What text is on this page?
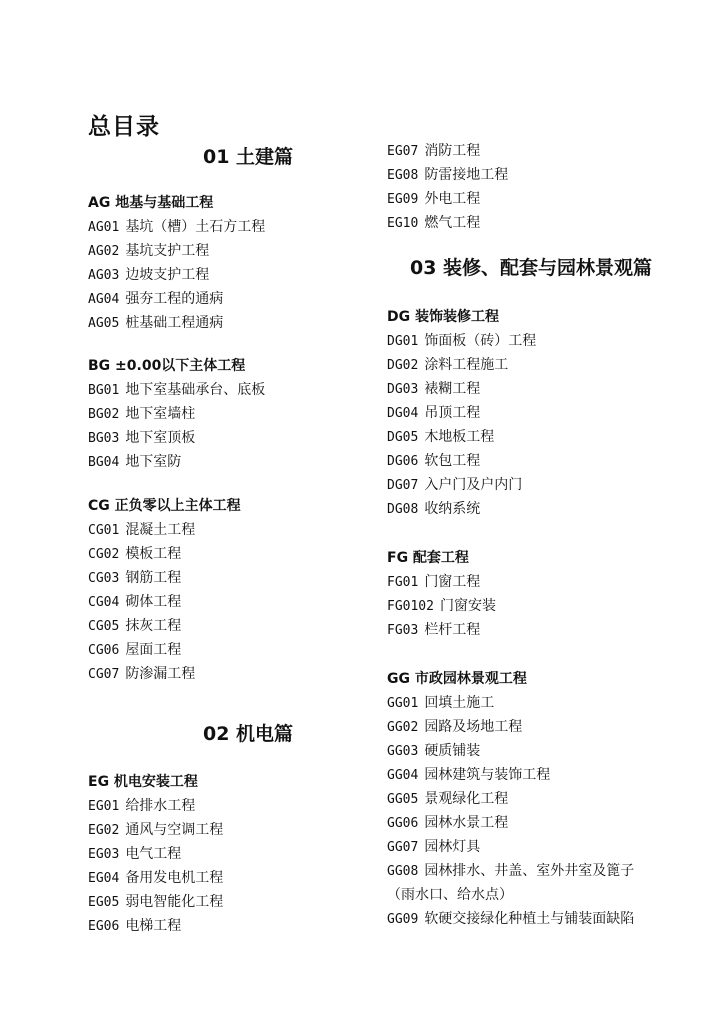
总目录
01 土建篇
AG 地基与基础工程
AG01 基坑（槽）土石方工程
AG02 基坑支护工程
AG03 边坡支护工程
AG04 强夯工程的通病
AG05 桩基础工程通病
BG ±0.00以下主体工程
BG01 地下室基础承台、底板
BG02 地下室墙柱
BG03 地下室顶板
BG04 地下室防
CG 正负零以上主体工程
CG01 混凝土工程
CG02 模板工程
CG03 钢筋工程
CG04 砌体工程
CG05 抹灰工程
CG06 屋面工程
CG07 防渗漏工程
02 机电篇
EG 机电安装工程
EG01 给排水工程
EG02 通风与空调工程
EG03 电气工程
EG04 备用发电机工程
EG05 弱电智能化工程
EG06 电梯工程
EG07 消防工程
EG08 防雷接地工程
EG09 外电工程
EG10 燃气工程
03 装修、配套与园林景观篇
DG 装饰装修工程
DG01 饰面板（砖）工程
DG02 涂料工程施工
DG03 裱糊工程
DG04 吊顶工程
DG05 木地板工程
DG06 软包工程
DG07 入户门及户内门
DG08 收纳系统
FG 配套工程
FG01 门窗工程
FG0102 门窗安装
FG03 栏杆工程
GG 市政园林景观工程
GG01 回填土施工
GG02 园路及场地工程
GG03 硬质铺装
GG04 园林建筑与装饰工程
GG05 景观绿化工程
GG06 园林水景工程
GG07 园林灯具
GG08 园林排水、井盖、室外井室及篦子
（雨水口、给水点）
GG09 软硬交接绿化种植土与铺装面缺陷
